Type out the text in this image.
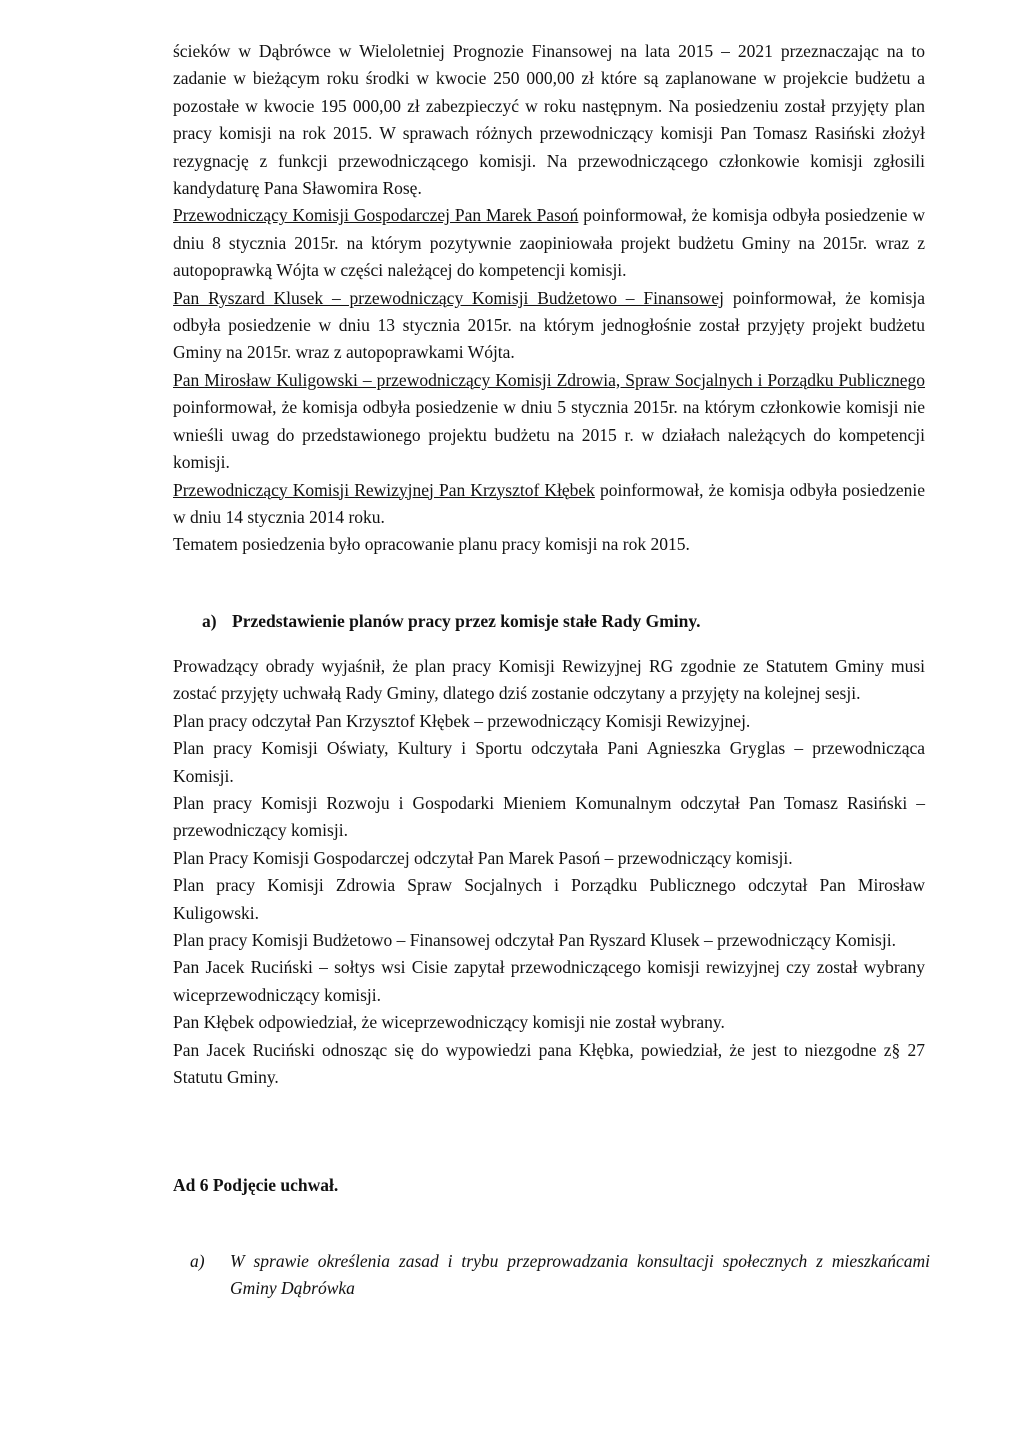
ścieków w Dąbrówce w Wieloletniej Prognozie Finansowej na lata 2015 – 2021 przeznaczając na to zadanie w bieżącym roku środki w kwocie 250 000,00 zł które są zaplanowane w projekcie budżetu a pozostałe w kwocie 195 000,00 zł zabezpieczyć w roku następnym. Na posiedzeniu został przyjęty plan pracy komisji na rok 2015. W sprawach różnych przewodniczący komisji Pan Tomasz Rasiński złożył rezygnację z funkcji przewodniczącego komisji. Na przewodniczącego członkowie komisji zgłosili kandydaturę Pana Sławomira Rosę.

Przewodniczący Komisji Gospodarczej Pan Marek Pasoń poinformował, że komisja odbyła posiedzenie w dniu 8 stycznia 2015r. na którym pozytywnie zaopiniowała projekt budżetu Gminy na 2015r. wraz z autopoprawką Wójta w części należącej do kompetencji komisji.

Pan Ryszard Klusek – przewodniczący Komisji Budżetowo – Finansowej poinformował, że komisja odbyła posiedzenie w dniu 13 stycznia 2015r. na którym jednogłośnie został przyjęty projekt budżetu Gminy na 2015r. wraz z autopoprawkami Wójta.

Pan Mirosław Kuligowski – przewodniczący Komisji Zdrowia, Spraw Socjalnych i Porządku Publicznego poinformował, że komisja odbyła posiedzenie w dniu 5 stycznia 2015r. na którym członkowie komisji nie wnieśli uwag do przedstawionego projektu budżetu na 2015 r. w działach należących do kompetencji komisji.

Przewodniczący Komisji Rewizyjnej Pan Krzysztof Kłębek poinformował, że komisja odbyła posiedzenie w dniu 14 stycznia 2014 roku.

Tematem posiedzenia było opracowanie planu pracy komisji na rok 2015.

a) Przedstawienie planów pracy przez komisje stałe Rady Gminy.

Prowadzący obrady wyjaśnił, że plan pracy Komisji Rewizyjnej RG zgodnie ze Statutem Gminy musi zostać przyjęty uchwałą Rady Gminy, dlatego dziś zostanie odczytany a przyjęty na kolejnej sesji.

Plan pracy odczytał Pan Krzysztof Kłębek – przewodniczący Komisji Rewizyjnej.

Plan pracy Komisji Oświaty, Kultury i Sportu odczytała Pani Agnieszka Gryglas – przewodnicząca Komisji.

Plan pracy Komisji Rozwoju i Gospodarki Mieniem Komunalnym odczytał Pan Tomasz Rasiński – przewodniczący komisji.

Plan Pracy Komisji Gospodarczej odczytał Pan Marek Pasoń – przewodniczący komisji.

Plan pracy Komisji Zdrowia Spraw Socjalnych i Porządku Publicznego odczytał Pan Mirosław Kuligowski.

Plan pracy Komisji Budżetowo – Finansowej odczytał Pan Ryszard Klusek – przewodniczący Komisji.

Pan Jacek Ruciński – sołtys wsi Cisie zapytał przewodniczącego komisji rewizyjnej czy został wybrany wiceprzewodniczący komisji.

Pan Kłębek odpowiedział, że wiceprzewodniczący komisji nie został wybrany.

Pan Jacek Ruciński odnosząc się do wypowiedzi pana Kłębka, powiedział, że jest to niezgodne z§ 27 Statutu Gminy.

Ad 6 Podjęcie uchwał.
a) W sprawie określenia zasad i trybu przeprowadzania konsultacji społecznych z mieszkańcami Gminy Dąbrówka
